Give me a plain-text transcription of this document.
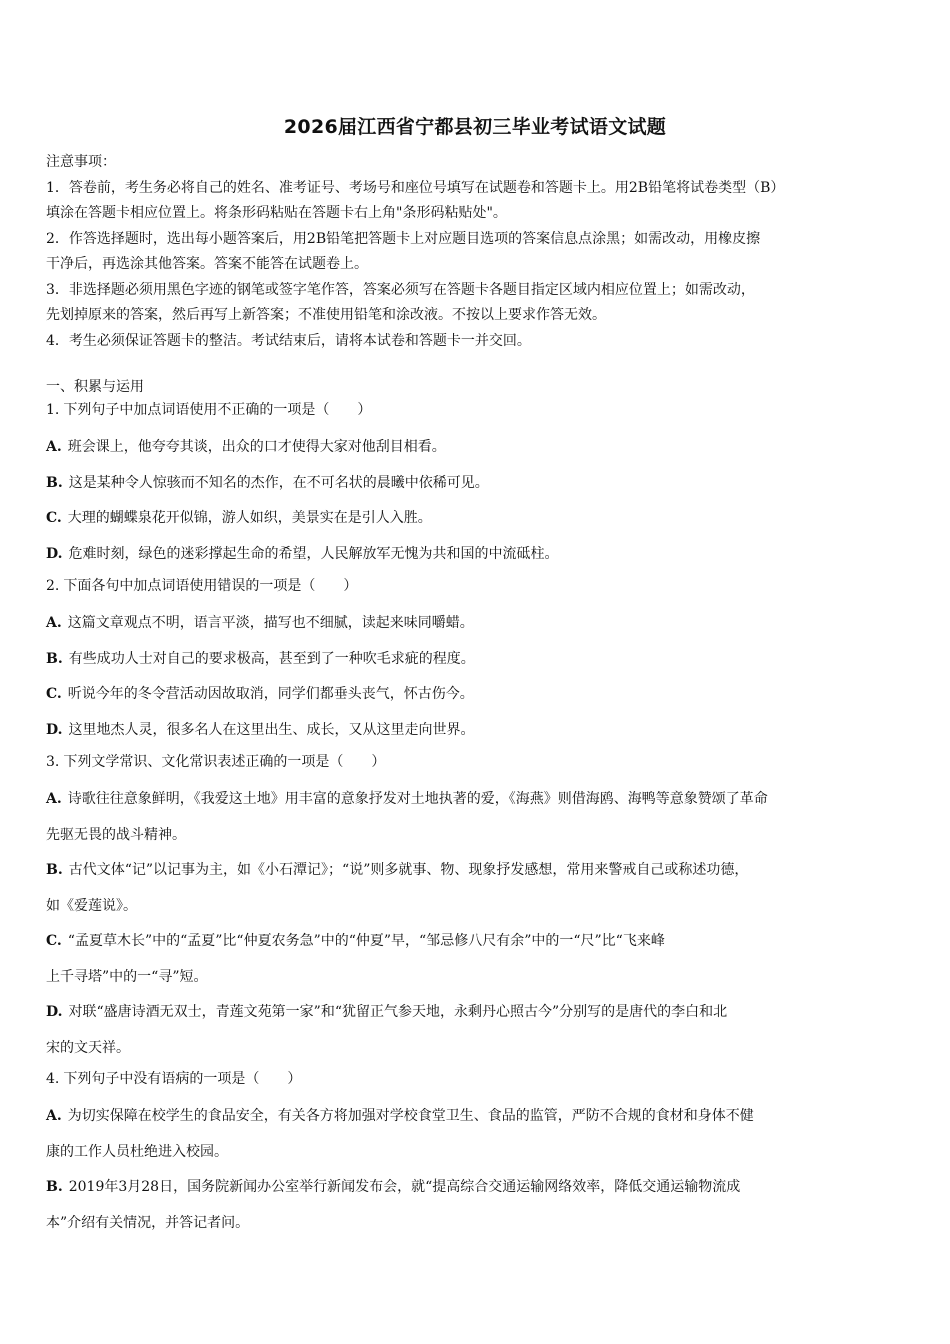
2026届江西省宁都县初三毕业考试语文试题

注意事项：

1．答卷前，考生务必将自己的姓名、准考证号、考场号和座位号填写在试题卷和答题卡上。用2B铅笔将试卷类型（B）

填涂在答题卡相应位置上。将条形码粘贴在答题卡右上角"条形码粘贴处"。

2．作答选择题时，选出每小题答案后，用2B铅笔把答题卡上对应题目选项的答案信息点涂黑；如需改动，用橡皮擦

干净后，再选涂其他答案。答案不能答在试题卷上。

3．非选择题必须用黑色字迹的钢笔或签字笔作答，答案必须写在答题卡各题目指定区域内相应位置上；如需改动，

先划掉原来的答案，然后再写上新答案；不准使用铅笔和涂改液。不按以上要求作答无效。

4．考生必须保证答题卡的整洁。考试结束后，请将本试卷和答题卡一并交回。

一、积累与运用

1. 下列句子中加点词语使用不正确的一项是（　　）

A. 班会课上，他夸夸其谈，出众的口才使得大家对他刮目相看。

B. 这是某种令人惊骇而不知名的杰作，在不可名状的晨曦中依稀可见。

C. 大理的蝴蝶泉花开似锦，游人如织，美景实在是引人入胜。

D. 危难时刻，绿色的迷彩撑起生命的希望，人民解放军无愧为共和国的中流砥柱。

2. 下面各句中加点词语使用错误的一项是（　　）

A. 这篇文章观点不明，语言平淡，描写也不细腻，读起来味同嚼蜡。

B. 有些成功人士对自己的要求极高，甚至到了一种吹毛求疵的程度。

C. 听说今年的冬令营活动因故取消，同学们都垂头丧气，怀古伤今。

D. 这里地杰人灵，很多名人在这里出生、成长，又从这里走向世界。

3. 下列文学常识、文化常识表述正确的一项是（　　）

A. 诗歌往往意象鲜明，《我爱这土地》用丰富的意象抒发对土地执著的爱，《海燕》则借海鸥、海鸭等意象赞颂了革命

先驱无畏的战斗精神。

B. 古代文体“记”以记事为主，如《小石潭记》；“说”则多就事、物、现象抒发感想，常用来警戒自己或称述功德，

如《爱莲说》。

C. “孟夏草木长”中的“孟夏”比“仲夏农务急”中的“仲夏”早，“邹忌修八尺有余”中的一“尺”比“飞来峰

上千寻塔”中的一“寻”短。

D. 对联“盛唐诗酒无双士，青莲文苑第一家”和“犹留正气参天地，永剩丹心照古今”分别写的是唐代的李白和北

宋的文天祥。

4. 下列句子中没有语病的一项是（　　）

A. 为切实保障在校学生的食品安全，有关各方将加强对学校食堂卫生、食品的监管，严防不合规的食材和身体不健

康的工作人员杜绝进入校园。

B. 2019年3月28日，国务院新闻办公室举行新闻发布会，就“提高综合交通运输网络效率，降低交通运输物流成

本”介绍有关情况，并答记者问。
